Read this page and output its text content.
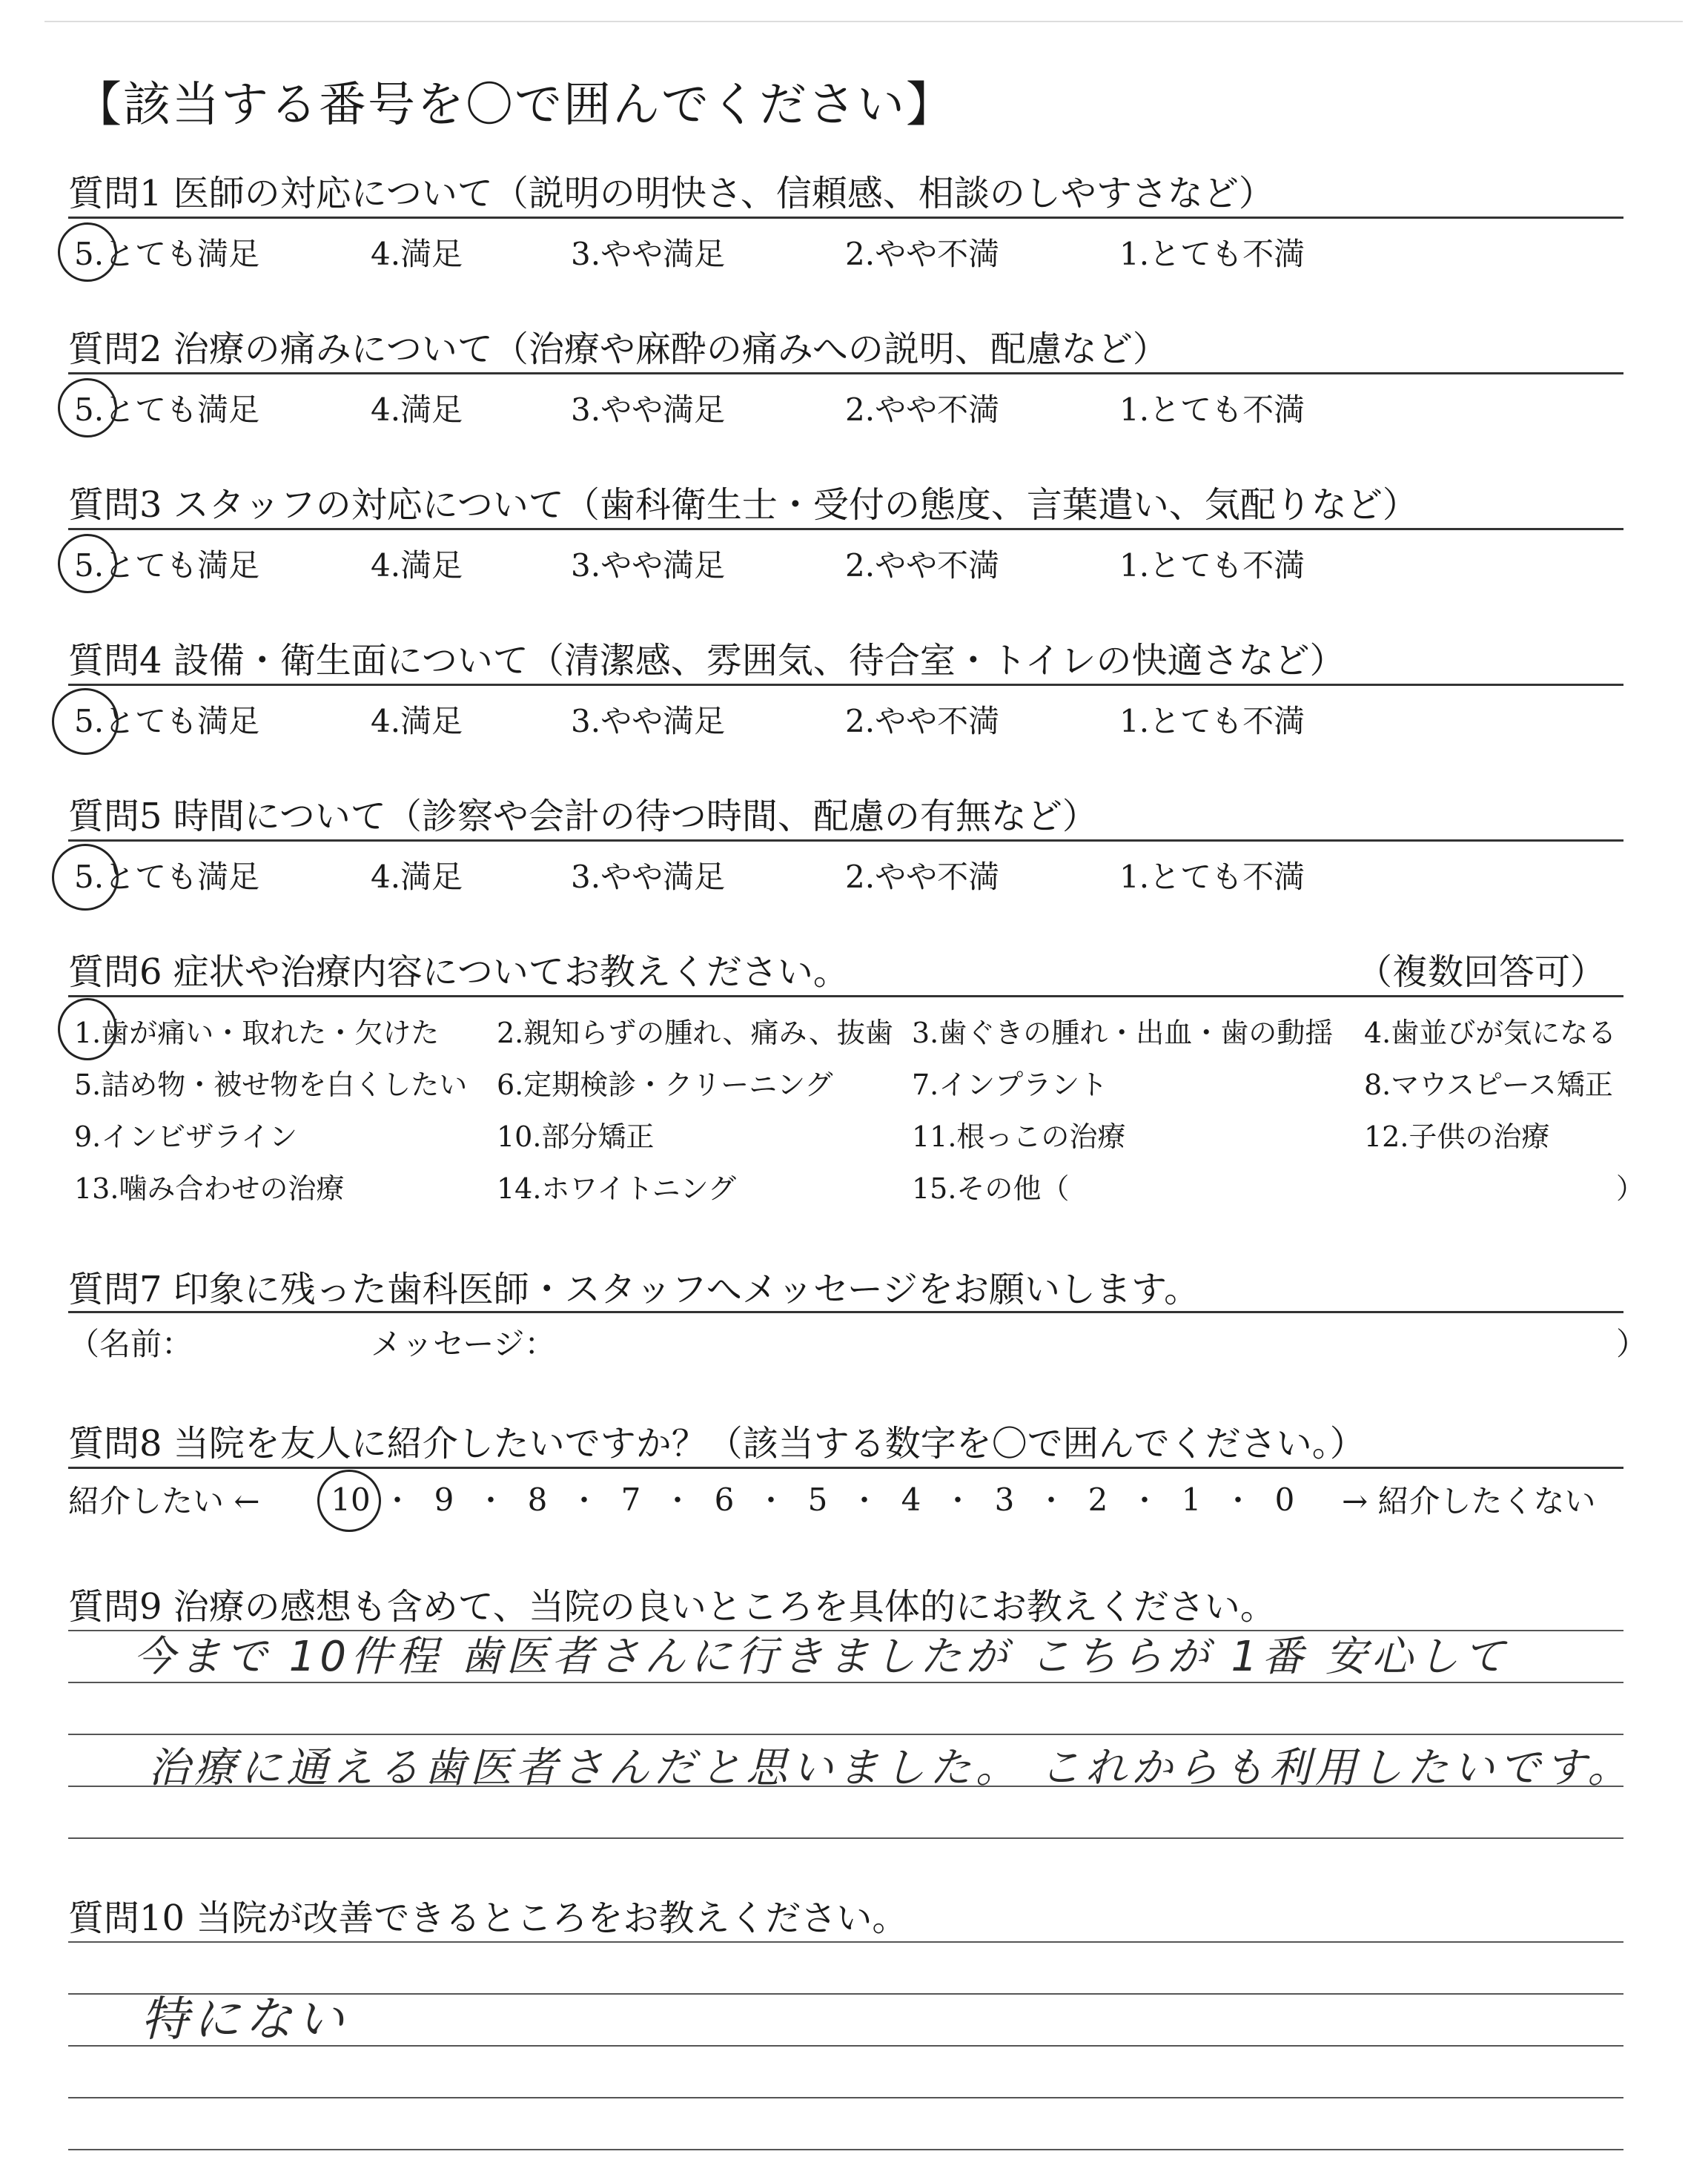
【該当する番号を〇で囲んでください】
質問1 医師の対応について（説明の明快さ、信頼感、相談のしやすさなど）
5.とても満足	4.満足	3.やや満足	2.やや不満	1.とても不満
質問2 治療の痛みについて（治療や麻酔の痛みへの説明、配慮など）
5.とても満足	4.満足	3.やや満足	2.やや不満	1.とても不満
質問3 スタッフの対応について（歯科衛生士・受付の態度、言葉遣い、気配りなど）
5.とても満足	4.満足	3.やや満足	2.やや不満	1.とても不満
質問4 設備・衛生面について（清潔感、雰囲気、待合室・トイレの快適さなど）
5.とても満足	4.満足	3.やや満足	2.やや不満	1.とても不満
質問5 時間について（診察や会計の待つ時間、配慮の有無など）
5.とても満足	4.満足	3.やや満足	2.やや不満	1.とても不満
質問6 症状や治療内容についてお教えください。	（複数回答可）
1.歯が痛い・取れた・欠けた 2.親知らずの腫れ、痛み、抜歯 3.歯ぐきの腫れ・出血・歯の動揺 4.歯並びが気になる
5.詰め物・被せ物を白くしたい 6.定期検診・クリーニング	7.インプラント	8.マウスピース矯正
9.インビザライン	10.部分矯正	11.根っこの治療	12.子供の治療
13.噛み合わせの治療	14.ホワイトニング	15.その他（	）
質問7 印象に残った歯科医師・スタッフへメッセージをお願いします。
（名前：	メッセージ：	）
質問8 当院を友人に紹介したいですか？（該当する数字を〇で囲んでください。）
紹介したい ← 10 ・ 9 ・ 8 ・ 7 ・ 6 ・ 5 ・ 4 ・ 3 ・ 2 ・ 1 ・ 0	→ 紹介したくない
質問9 治療の感想も含めて、当院の良いところを具体的にお教えください。
今まで 10件程 歯医者さんに行きましたが こちらが 1番 安心して
治療に通える歯医者さんだと思いました。 これからも利用したいです。
質問10 当院が改善できるところをお教えください。
特にない
